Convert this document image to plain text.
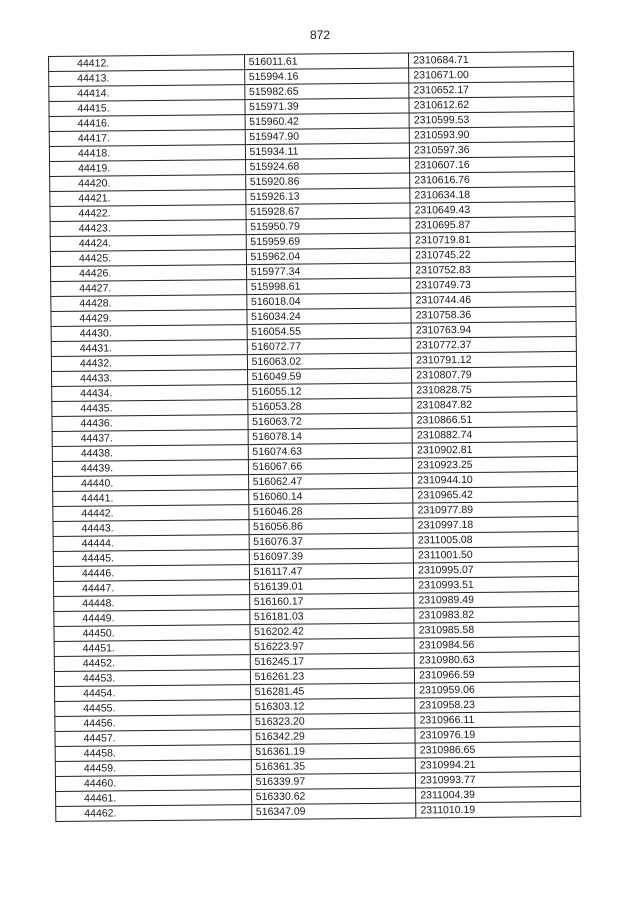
872
44412.	516011.61	2310684.71
44413.	515994.16	2310671.00
44414.	515982.65	2310652.17
44415.	515971.39	2310612.62
44416.	515960.42	2310599.53
44417.	515947.90	2310593.90
44418.	515934.11	2310597.36
44419.	515924.68	2310607.16
44420.	515920.86	2310616.76
44421.	515926.13	2310634.18
44422.	515928.67	2310649.43
44423.	515950.79	2310695.87
44424.	515959.69	2310719.81
44425.	515962.04	2310745.22
44426.	515977.34	2310752.83
44427.	515998.61	2310749.73
44428.	516018.04	2310744.46
44429.	516034.24	2310758.36
44430.	516054.55	2310763.94
44431.	516072.77	2310772.37
44432.	516063.02	2310791.12
44433.	516049.59	2310807.79
44434.	516055.12	2310828.75
44435.	516053.28	2310847.82
44436.	516063.72	2310866.51
44437.	516078.14	2310882.74
44438.	516074.63	2310902.81
44439.	516067.66	2310923.25
44440.	516062.47	2310944.10
44441.	516060.14	2310965.42
44442.	516046.28	2310977.89
44443.	516056.86	2310997.18
44444.	516076.37	2311005.08
44445.	516097.39	2311001.50
44446.	516117.47	2310995.07
44447.	516139.01	2310993.51
44448.	516160.17	2310989.49
44449.	516181.03	2310983.82
44450.	516202.42	2310985.58
44451.	516223.97	2310984.56
44452.	516245.17	2310980.63
44453.	516261.23	2310966.59
44454.	516281.45	2310959.06
44455.	516303.12	2310958.23
44456.	516323.20	2310966.11
44457.	516342.29	2310976.19
44458.	516361.19	2310986.65
44459.	516361.35	2310994.21
44460.	516339.97	2310993.77
44461.	516330.62	2311004.39
44462.	516347.09	2311010.19
